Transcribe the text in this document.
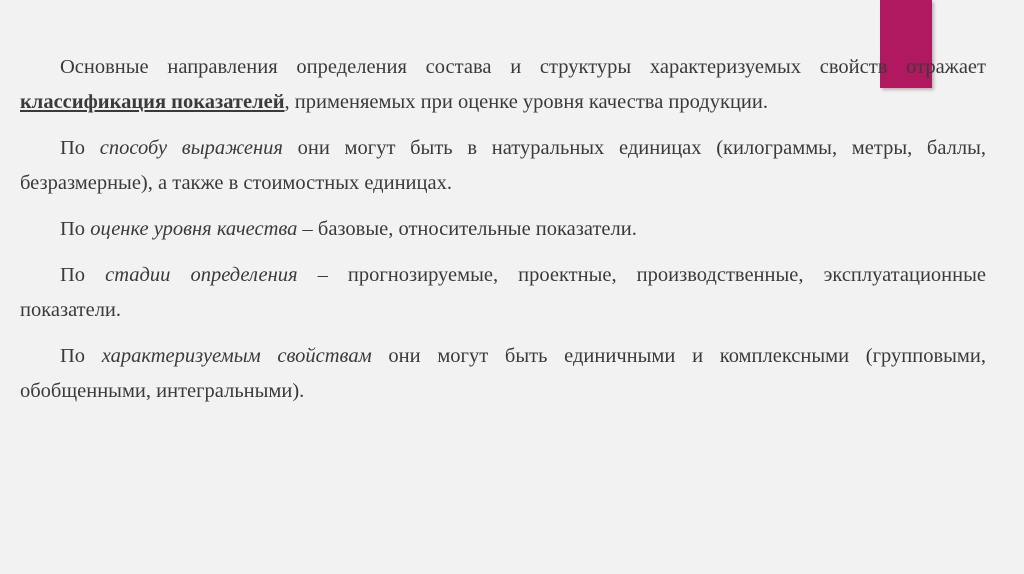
Основные направления определения состава и структуры характеризуемых свойств отражает классификация показателей, применяемых при оценке уровня качества продукции.

По способу выражения они могут быть в натуральных единицах (килограммы, метры, баллы, безразмерные), а также в стоимостных единицах.

По оценке уровня качества – базовые, относительные показатели.

По стадии определения – прогнозируемые, проектные, производственные, эксплуатационные показатели.

По характеризуемым свойствам они могут быть единичными и комплексными (групповыми, обобщенными, интегральными).
